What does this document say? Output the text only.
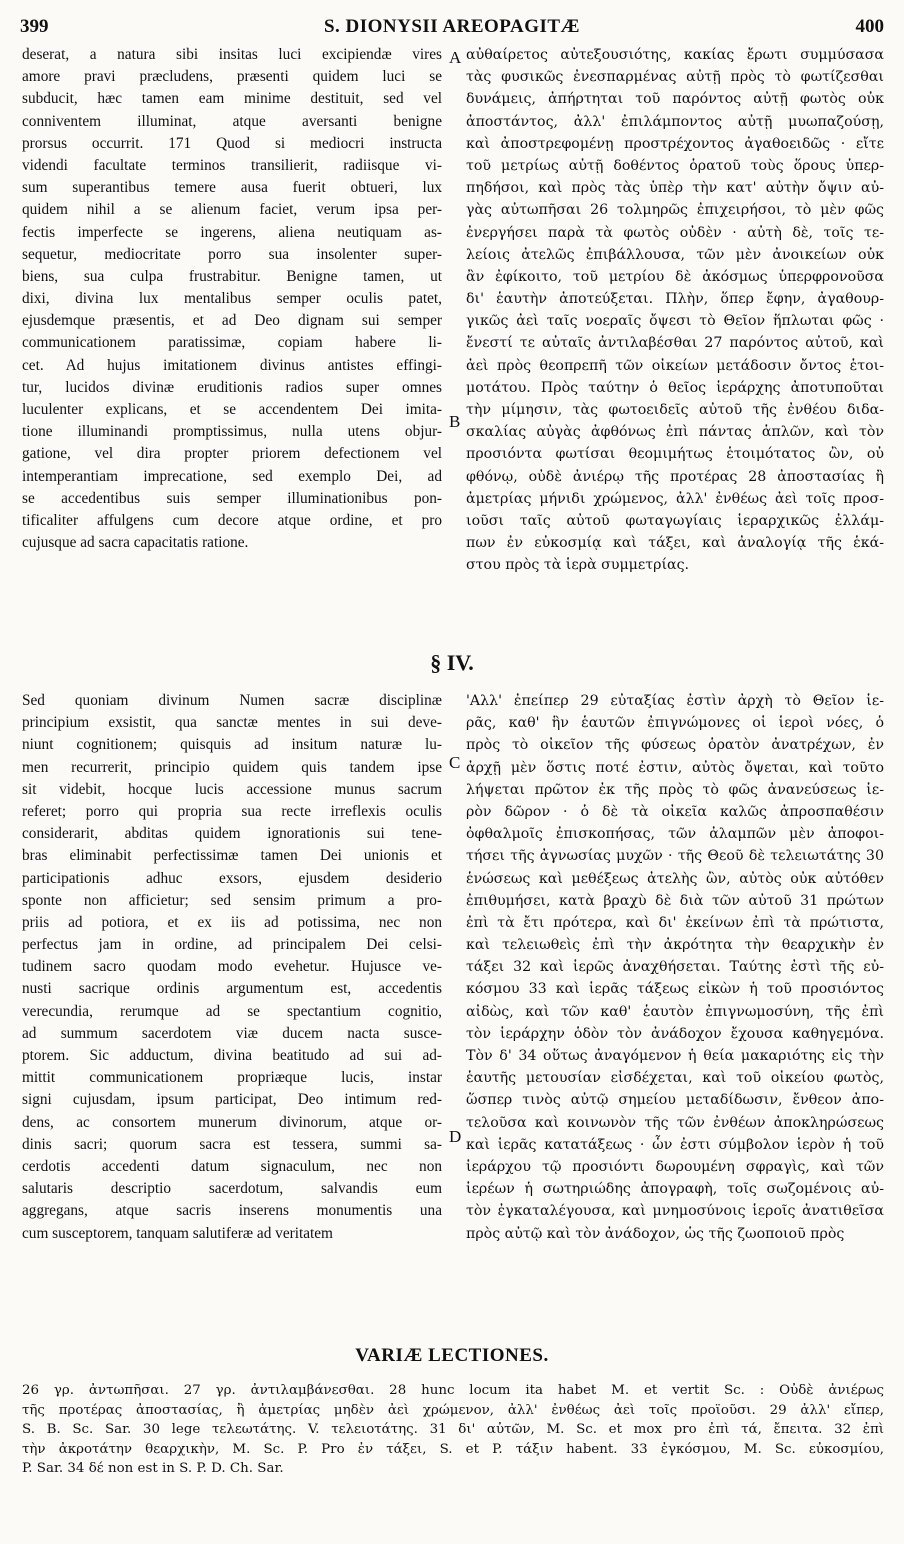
399	S. DIONYSII AREOPAGITÆ	400
deserat, a natura sibi insitas luci excipiendæ vires
amore pravi præcludens, præsenti quidem luci se
subducit, hæc tamen eam minime destituit, sed vel
conniventem illuminat, atque aversanti benigne
prorsus occurrit. 171 Quod si mediocri instructa
videndi facultate terminos transilierit, radiisque vi-
sum superantibus temere ausa fuerit obtueri, lux
quidem nihil a se alienum faciet, verum ipsa per-
fectis imperfecte se ingerens, aliena neutiquam as-
sequetur, mediocritate porro sua insolenter super-
biens, sua culpa frustrabitur. Benigne tamen, ut
dixi, divina lux mentalibus semper oculis patet,
ejusdemque præsentis, et ad Deo dignam sui semper
communicationem paratissimæ, copiam habere li-
cet. Ad hujus imitationem divinus antistes effingi-
tur, lucidos divinæ eruditionis radios super omnes
luculenter explicans, et se accendentem Dei imita-
tione illuminandi promptissimus, nulla utens objur-
gatione, vel dira propter priorem defectionem vel
intemperantiam imprecatione, sed exemplo Dei, ad
se accedentibus suis semper illuminationibus pon-
tificaliter affulgens cum decore atque ordine, et pro
cujusque ad sacra capacitatis ratione.
αὐθαίρετος αὐτεξουσιότης, κακίας ἔρωτι συμμύσασα
τὰς φυσικῶς ἐνεσπαρμένας αὐτῇ πρὸς τὸ φωτίζεσθαι
δυνάμεις, ἀπήρτηται τοῦ παρόντος αὐτῇ φωτὸς οὐκ
ἀποστάντος, ἀλλ' ἐπιλάμποντος αὐτῇ μυωπαζούσῃ,
καὶ ἀποστρεφομένῃ προστρέχοντος ἀγαθοειδῶς · εἴτε
τοῦ μετρίως αὐτῇ δοθέντος ὁρατοῦ τοὺς ὅρους ὑπερ-
πηδήσοι, καὶ πρὸς τὰς ὑπὲρ τὴν κατ' αὐτὴν ὄψιν αὐ-
γὰς αὐτωπῆσαι 26 τολμηρῶς ἐπιχειρήσοι, τὸ μὲν φῶς
ἐνεργήσει παρὰ τὰ φωτὸς οὐδὲν · αὐτὴ δὲ, τοῖς τε-
λείοις ἀτελῶς ἐπιβάλλουσα, τῶν μὲν ἀνοικείων οὐκ
ἂν ἐφίκοιτο, τοῦ μετρίου δὲ ἀκόσμως ὑπερφρονοῦσα
δι' ἑαυτὴν ἀποτεύξεται. Πλὴν, ὅπερ ἔφην, ἀγαθουρ-
γικῶς ἀεὶ ταῖς νοεραῖς ὄψεσι τὸ Θεῖον ἥπλωται φῶς ·
ἔνεστί τε αὐταῖς ἀντιλαβέσθαι 27 παρόντος αὐτοῦ, καὶ
ἀεὶ πρὸς θεοπρεπῆ τῶν οἰκείων μετάδοσιν ὄντος ἑτοι-
μοτάτου. Πρὸς ταύτην ὁ θεῖος ἱεράρχης ἀποτυποῦται
τὴν μίμησιν, τὰς φωτοειδεῖς αὐτοῦ τῆς ἐνθέου διδα-
σκαλίας αὐγὰς ἀφθόνως ἐπὶ πάντας ἁπλῶν, καὶ τὸν
προσιόντα φωτίσαι θεομιμήτως ἑτοιμότατος ὢν, οὐ
φθόνῳ, οὐδὲ ἀνιέρῳ τῆς προτέρας 28 ἀποστασίας ἢ
ἀμετρίας μήνιδι χρώμενος, ἀλλ' ἐνθέως ἀεὶ τοῖς προσ-
ιοῦσι ταῖς αὐτοῦ φωταγωγίαις ἱεραρχικῶς ἐλλάμ-
πων ἐν εὐκοσμίᾳ καὶ τάξει, καὶ ἀναλογίᾳ τῆς ἑκά-
στου πρὸς τὰ ἱερὰ συμμετρίας.
A
B
§ IV.
Sed quoniam divinum Numen sacræ disciplinæ
principium exsistit, qua sanctæ mentes in sui deve-
niunt cognitionem; quisquis ad insitum naturæ lu-
men recurrerit, principio quidem quis tandem ipse
sit videbit, hocque lucis accessione munus sacrum
referet; porro qui propria sua recte irreflexis oculis
considerarit, abditas quidem ignorationis sui tene-
bras eliminabit perfectissimæ tamen Dei unionis et
participationis adhuc exsors, ejusdem desiderio
sponte non afficietur; sed sensim primum a pro-
priis ad potiora, et ex iis ad potissima, nec non
perfectus jam in ordine, ad principalem Dei celsi-
tudinem sacro quodam modo evehetur. Hujusce ve-
nusti sacrique ordinis argumentum est, accedentis
verecundia, rerumque ad se spectantium cognitio,
ad summum sacerdotem viæ ducem nacta susce-
ptorem. Sic adductum, divina beatitudo ad sui ad-
mittit communicationem propriæque lucis, instar
signi cujusdam, ipsum participat, Deo intimum red-
dens, ac consortem munerum divinorum, atque or-
dinis sacri; quorum sacra est tessera, summi sa-
cerdotis accedenti datum signaculum, nec non
salutaris descriptio sacerdotum, salvandis eum
aggregans, atque sacris inserens monumentis una
cum susceptorem, tanquam salutiferæ ad veritatem
'Αλλ' ἐπείπερ 29 εὐταξίας ἐστὶν ἀρχὴ τὸ Θεῖον ἱε-
ρᾶς, καθ' ἣν ἑαυτῶν ἐπιγνώμονες οἱ ἱεροὶ νόες, ὁ
πρὸς τὸ οἰκεῖον τῆς φύσεως ὁρατὸν ἀνατρέχων, ἐν
ἀρχῇ μὲν ὅστις ποτέ ἐστιν, αὐτὸς ὄψεται, καὶ τοῦτο
λήψεται πρῶτον ἐκ τῆς πρὸς τὸ φῶς ἀνανεύσεως ἱε-
ρὸν δῶρον · ὁ δὲ τὰ οἰκεῖα καλῶς ἀπροσπαθέσιν
ὀφθαλμοῖς ἐπισκοπήσας, τῶν ἀλαμπῶν μὲν ἀποφοι-
τήσει τῆς ἀγνωσίας μυχῶν · τῆς Θεοῦ δὲ τελειωτάτης 30
ἑνώσεως καὶ μεθέξεως ἀτελὴς ὢν, αὐτὸς οὐκ αὐτόθεν
ἐπιθυμήσει, κατὰ βραχὺ δὲ διὰ τῶν αὐτοῦ 31 πρώτων
ἐπὶ τὰ ἔτι πρότερα, καὶ δι' ἐκείνων ἐπὶ τὰ πρώτιστα,
καὶ τελειωθεὶς ἐπὶ τὴν ἀκρότητα τὴν θεαρχικὴν ἐν
τάξει 32 καὶ ἱερῶς ἀναχθήσεται. Ταύτης ἐστὶ τῆς εὐ-
κόσμου 33 καὶ ἱερᾶς τάξεως εἰκὼν ἡ τοῦ προσιόντος
αἰδὼς, καὶ τῶν καθ' ἑαυτὸν ἐπιγνωμοσύνη, τῆς ἐπὶ
τὸν ἱεράρχην ὁδὸν τὸν ἀνάδοχον ἔχουσα καθηγεμόνα.
Τὸν δ' 34 οὕτως ἀναγόμενον ἡ θεία μακαριότης εἰς τὴν
ἑαυτῆς μετουσίαν εἰσδέχεται, καὶ τοῦ οἰκείου φωτὸς,
ὥσπερ τινὸς αὐτῷ σημείου μεταδίδωσιν, ἔνθεον ἀπο-
τελοῦσα καὶ κοινωνὸν τῆς τῶν ἐνθέων ἀποκληρώσεως
καὶ ἱερᾶς κατατάξεως · ὧν ἐστι σύμβολον ἱερὸν ἡ τοῦ
ἱεράρχου τῷ προσιόντι δωρουμένη σφραγὶς, καὶ τῶν
ἱερέων ἡ σωτηριώδης ἀπογραφὴ, τοῖς σωζομένοις αὐ-
τὸν ἐγκαταλέγουσα, καὶ μνημοσύνοις ἱεροῖς ἀνατιθεῖσα
πρὸς αὐτῷ καὶ τὸν ἀνάδοχον, ὡς τῆς ζωοποιοῦ πρὸς
C
D
VARIÆ LECTIONES.
26 γρ. ἀντωπῆσαι. 27 γρ. ἀντιλαμβάνεσθαι. 28 hunc locum ita habet M. et vertit Sc. : Οὐδὲ ἀνιέρως
τῆς προτέρας ἀποστασίας, ἢ ἀμετρίας μηδὲν ἀεὶ χρώμενον, ἀλλ' ἐνθέως ἀεὶ τοῖς προϊοῦσι. 29 ἀλλ' εἴπερ,
S. B. Sc. Sar. 30 lege τελεωτάτης. V. τελειοτάτης. 31 δι' αὐτῶν, M. Sc. et mox pro ἐπὶ τά, ἔπειτα. 32 ἐπὶ
τὴν ἀκροτάτην θεαρχικὴν, M. Sc. P. Pro ἐν τάξει, S. et P. τάξιν habent. 33 ἐγκόσμου, M. Sc. εὐκοσμίου,
P. Sar. 34 δέ non est in S. P. D. Ch. Sar.
